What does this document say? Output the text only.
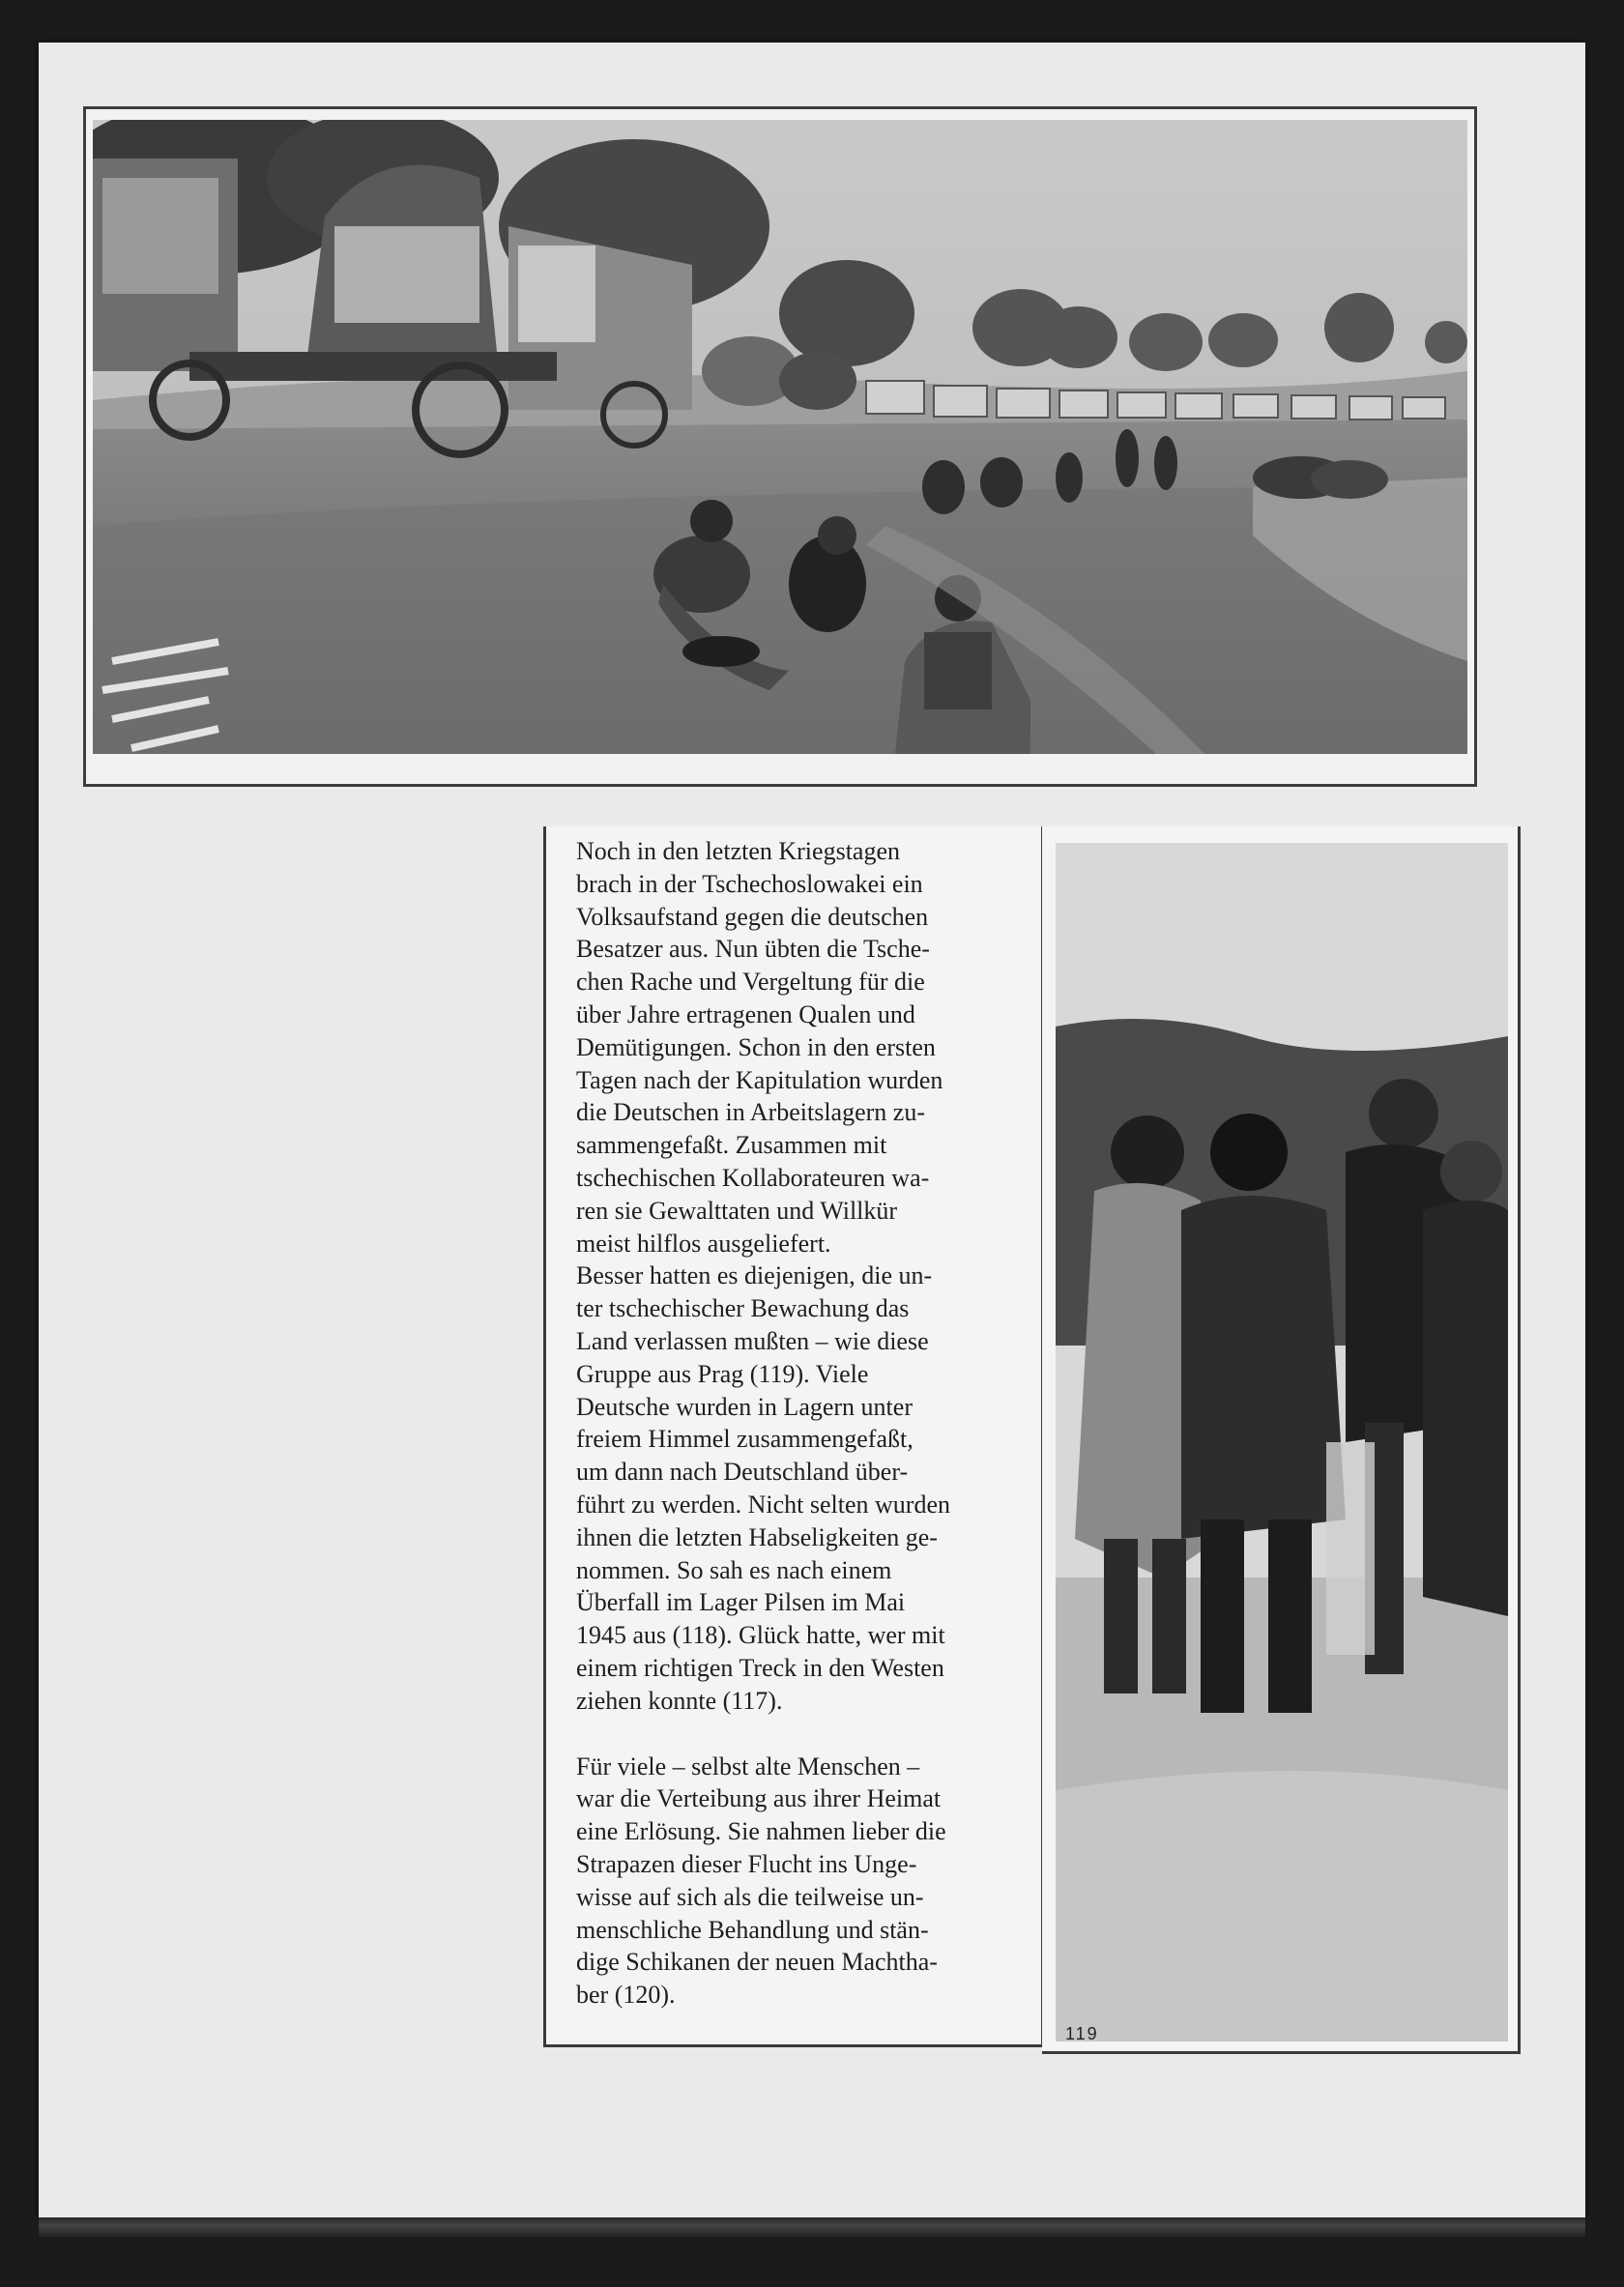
Noch in den letzten Kriegstagen
brach in der Tschechoslowakei ein
Volksaufstand gegen die deutschen
Besatzer aus. Nun übten die Tsche-
chen Rache und Vergeltung für die
über Jahre ertragenen Qualen und
Demütigungen. Schon in den ersten
Tagen nach der Kapitulation wurden
die Deutschen in Arbeitslagern zu-
sammengefaßt. Zusammen mit
tschechischen Kollaborateuren wa-
ren sie Gewalttaten und Willkür
meist hilflos ausgeliefert.
Besser hatten es diejenigen, die un-
ter tschechischer Bewachung das
Land verlassen mußten – wie diese
Gruppe aus Prag (119). Viele
Deutsche wurden in Lagern unter
freiem Himmel zusammengefaßt,
um dann nach Deutschland über-
führt zu werden. Nicht selten wurden
ihnen die letzten Habseligkeiten ge-
nommen. So sah es nach einem
Überfall im Lager Pilsen im Mai
1945 aus (118). Glück hatte, wer mit
einem richtigen Treck in den Westen
ziehen konnte (117).

Für viele – selbst alte Menschen –
war die Verteibung aus ihrer Heimat
eine Erlösung. Sie nahmen lieber die
Strapazen dieser Flucht ins Unge-
wisse auf sich als die teilweise un-
menschliche Behandlung und stän-
dige Schikanen der neuen Machtha-
ber (120).

119
